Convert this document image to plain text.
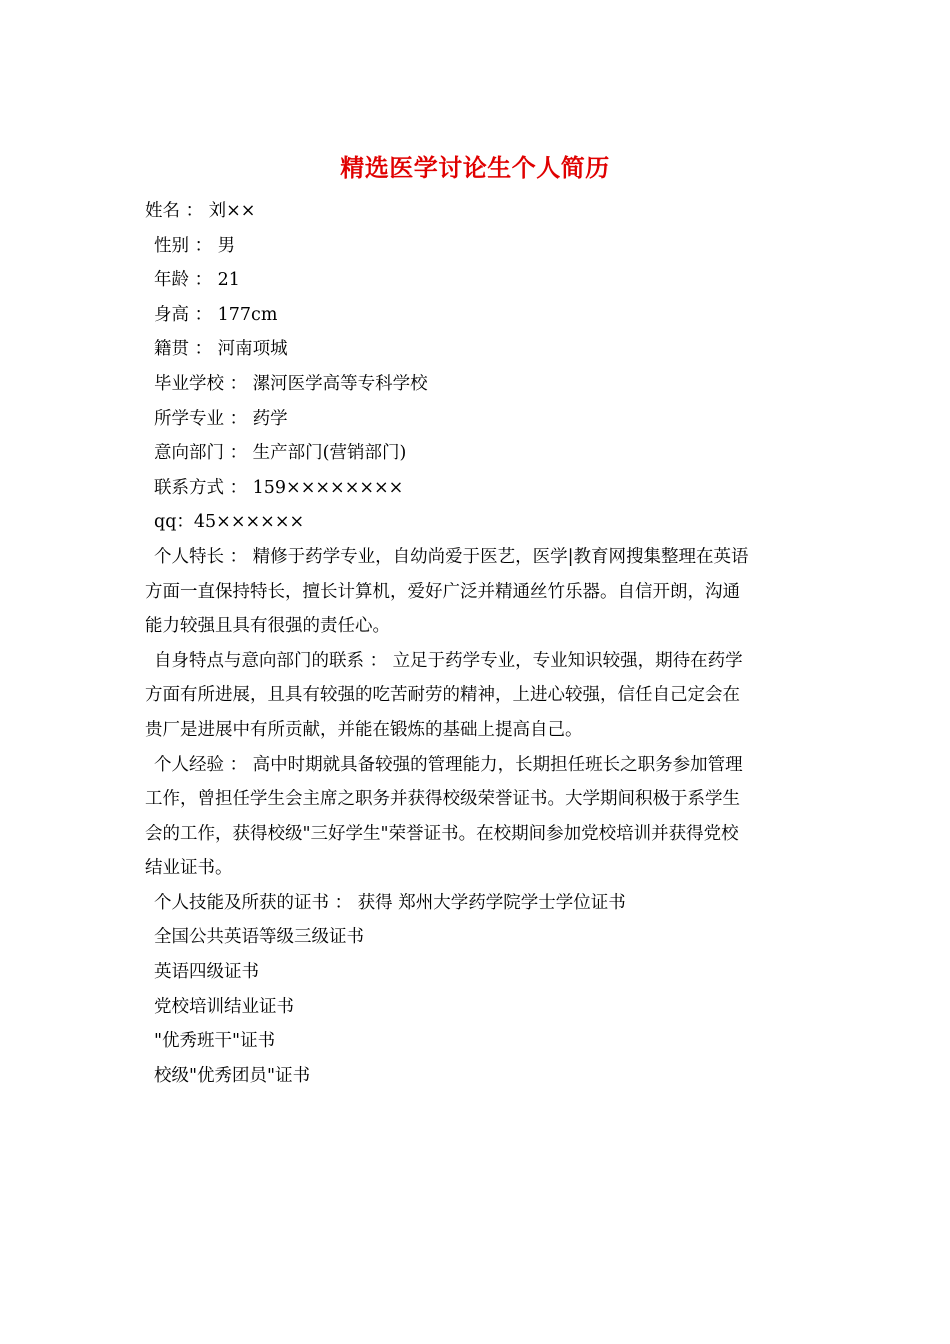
精选医学讨论生个人简历
姓名 ： 刘××
性别 ： 男
年龄 ： 21
身高 ： 177cm
籍贯 ： 河南项城
毕业学校 ： 漯河医学高等专科学校
所学专业 ： 药学
意向部门 ： 生产部门(营销部门)
联系方式 ： 159××××××××
qq：45××××××
个人特长 ： 精修于药学专业，自幼尚爱于医艺，医学|教育网搜集整理在英语
方面一直保持特长，擅长计算机，爱好广泛并精通丝竹乐器。自信开朗，沟通
能力较强且具有很强的责任心。
自身特点与意向部门的联系 ： 立足于药学专业，专业知识较强，期待在药学
方面有所进展，且具有较强的吃苦耐劳的精神，上进心较强，信任自己定会在
贵厂是进展中有所贡献，并能在锻炼的基础上提高自己。
个人经验 ： 高中时期就具备较强的管理能力，长期担任班长之职务参加管理
工作，曾担任学生会主席之职务并获得校级荣誉证书。大学期间积极于系学生
会的工作，获得校级"三好学生"荣誉证书。在校期间参加党校培训并获得党校
结业证书。
个人技能及所获的证书 ： 获得 郑州大学药学院学士学位证书
全国公共英语等级三级证书
英语四级证书
党校培训结业证书
"优秀班干"证书
校级"优秀团员"证书
